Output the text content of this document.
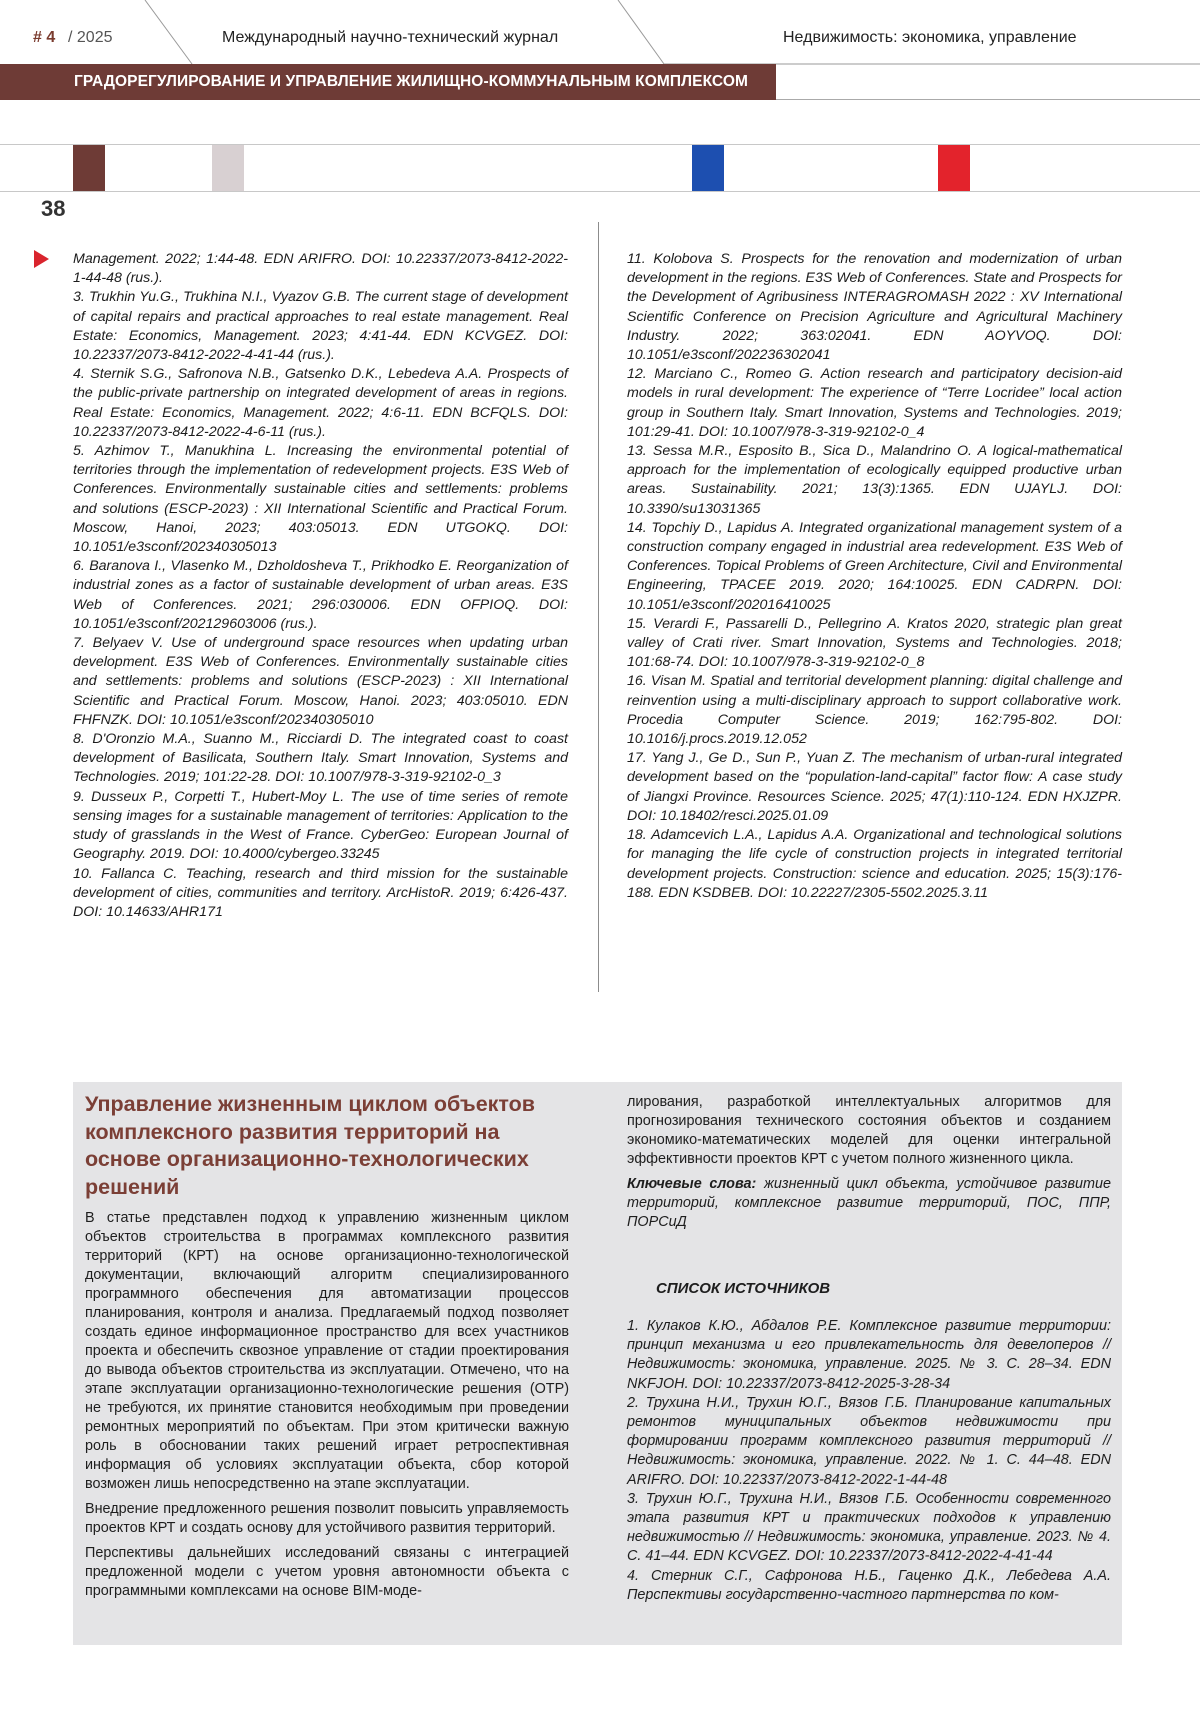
# 4 / 2025	Международный научно-технический журнал	Недвижимость: экономика, управление
ГРАДОРЕГУЛИРОВАНИЕ И УПРАВЛЕНИЕ ЖИЛИЩНО-КОММУНАЛЬНЫМ КОМПЛЕКСОМ
38

Management. 2022; 1:44-48. EDN ARIFRO. DOI: 10.22337/2073-8412-2022-1-44-48 (rus.).

3. Trukhin Yu.G., Trukhina N.I., Vyazov G.B. The current stage of development of capital repairs and practical approaches to real estate management. Real Estate: Economics, Management. 2023; 4:41-44. EDN KCVGEZ. DOI: 10.22337/2073-8412-2022-4-41-44 (rus.).

4. Sternik S.G., Safronova N.B., Gatsenko D.K., Lebedeva A.A. Prospects of the public-private partnership on integrated development of areas in regions. Real Estate: Economics, Management. 2022; 4:6-11. EDN BCFQLS. DOI: 10.22337/2073-8412-2022-4-6-11 (rus.).

5. Azhimov T., Manukhina L. Increasing the environmental potential of territories through the implementation of redevelopment projects. E3S Web of Conferences. Environmentally sustainable cities and settlements: problems and solutions (ESCP-2023) : XII International Scientific and Practical Forum. Moscow, Hanoi, 2023; 403:05013. EDN UTGOKQ. DOI: 10.1051/e3sconf/202340305013

6. Baranova I., Vlasenko M., Dzholdosheva T., Prikhodko E. Reorganization of industrial zones as a factor of sustainable development of urban areas. E3S Web of Conferences. 2021; 296:030006. EDN OFPIOQ. DOI: 10.1051/e3sconf/202129603006 (rus.).

7. Belyaev V. Use of underground space resources when updating urban development. E3S Web of Conferences. Environmentally sustainable cities and settlements: problems and solutions (ESCP-2023) : XII International Scientific and Practical Forum. Moscow, Hanoi. 2023; 403:05010. EDN FHFNZK. DOI: 10.1051/e3sconf/202340305010

8. D'Oronzio M.A., Suanno M., Ricciardi D. The integrated coast to coast development of Basilicata, Southern Italy. Smart Innovation, Systems and Technologies. 2019; 101:22-28. DOI: 10.1007/978-3-319-92102-0_3

9. Dusseux P., Corpetti T., Hubert-Moy L. The use of time series of remote sensing images for a sustainable management of territories: Application to the study of grasslands in the West of France. CyberGeo: European Journal of Geography. 2019. DOI: 10.4000/cybergeo.33245

10. Fallanca C. Teaching, research and third mission for the sustainable development of cities, communities and territory. ArcHistoR. 2019; 6:426-437. DOI: 10.14633/AHR171

11. Kolobova S. Prospects for the renovation and modernization of urban development in the regions. E3S Web of Conferences. State and Prospects for the Development of Agribusiness INTERAGROMASH 2022 : XV International Scientific Conference on Precision Agriculture and Agricultural Machinery Industry. 2022; 363:02041. EDN AOYVOQ. DOI: 10.1051/e3sconf/202236302041

12. Marciano C., Romeo G. Action research and participatory decision-aid models in rural development: The experience of “Terre Locridee” local action group in Southern Italy. Smart Innovation, Systems and Technologies. 2019; 101:29-41. DOI: 10.1007/978-3-319-92102-0_4

13. Sessa M.R., Esposito B., Sica D., Malandrino O. A logical-mathematical approach for the implementation of ecologically equipped productive urban areas. Sustainability. 2021; 13(3):1365. EDN UJAYLJ. DOI: 10.3390/su13031365

14. Topchiy D., Lapidus A. Integrated organizational management system of a construction company engaged in industrial area redevelopment. E3S Web of Conferences. Topical Problems of Green Architecture, Civil and Environmental Engineering, TPACEE 2019. 2020; 164:10025. EDN CADRPN. DOI: 10.1051/e3sconf/202016410025

15. Verardi F., Passarelli D., Pellegrino A. Kratos 2020, strategic plan great valley of Crati river. Smart Innovation, Systems and Technologies. 2018; 101:68-74. DOI: 10.1007/978-3-319-92102-0_8

16. Visan M. Spatial and territorial development planning: digital challenge and reinvention using a multi-disciplinary approach to support collaborative work. Procedia Computer Science. 2019; 162:795-802. DOI: 10.1016/j.procs.2019.12.052

17. Yang J., Ge D., Sun P., Yuan Z. The mechanism of urban-rural integrated development based on the “population-land-capital” factor flow: A case study of Jiangxi Province. Resources Science. 2025; 47(1):110-124. EDN HXJZPR. DOI: 10.18402/resci.2025.01.09

18. Adamcevich L.A., Lapidus A.A. Organizational and technological solutions for managing the life cycle of construction projects in integrated territorial development projects. Construction: science and education. 2025; 15(3):176-188. EDN KSDBEB. DOI: 10.22227/2305-5502.2025.3.11

Управление жизненным циклом объектов комплексного развития территорий на основе организационно-технологических решений
В статье представлен подход к управлению жизненным циклом объектов строительства в программах комплексного развития территорий (КРТ) на основе организационно-технологической документации, включающий алгоритм специализированного программного обеспечения для автоматизации процессов планирования, контроля и анализа. Предлагаемый подход позволяет создать единое информационное пространство для всех участников проекта и обеспечить сквозное управление от стадии проектирования до вывода объектов строительства из эксплуатации. Отмечено, что на этапе эксплуатации организационно-технологические решения (ОТР) не требуются, их принятие становится необходимым при проведении ремонтных мероприятий по объектам. При этом критически важную роль в обосновании таких решений играет ретроспективная информация об условиях эксплуатации объекта, сбор которой возможен лишь непосредственно на этапе эксплуатации.
Внедрение предложенного решения позволит повысить управляемость проектов КРТ и создать основу для устойчивого развития территорий.
Перспективы дальнейших исследований связаны с интеграцией предложенной модели с учетом уровня автономности объекта с программными комплексами на основе BIM-моде-
лирования, разработкой интеллектуальных алгоритмов для прогнозирования технического состояния объектов и созданием экономико-математических моделей для оценки интегральной эффективности проектов КРТ с учетом полного жизненного цикла.
Ключевые слова: жизненный цикл объекта, устойчивое развитие территорий, комплексное развитие территорий, ПОС, ППР, ПОРСиД
СПИСОК ИСТОЧНИКОВ
1. Кулаков К.Ю., Абдалов Р.Е. Комплексное развитие территории: принцип механизма и его привлекательность для девелоперов // Недвижимость: экономика, управление. 2025. № 3. С. 28–34. EDN NKFJOH. DOI: 10.22337/2073-8412-2025-3-28-34
2. Трухина Н.И., Трухин Ю.Г., Вязов Г.Б. Планирование капитальных ремонтов муниципальных объектов недвижимости при формировании программ комплексного развития территорий // Недвижимость: экономика, управление. 2022. № 1. С. 44–48. EDN ARIFRO. DOI: 10.22337/2073-8412-2022-1-44-48
3. Трухин Ю.Г., Трухина Н.И., Вязов Г.Б. Особенности современного этапа развития КРТ и практических подходов к управлению недвижимостью // Недвижимость: экономика, управление. 2023. № 4. С. 41–44. EDN KCVGEZ. DOI: 10.22337/2073-8412-2022-4-41-44
4. Стерник С.Г., Сафронова Н.Б., Гаценко Д.К., Лебедева А.А. Перспективы государственно-частного партнерства по ком-
